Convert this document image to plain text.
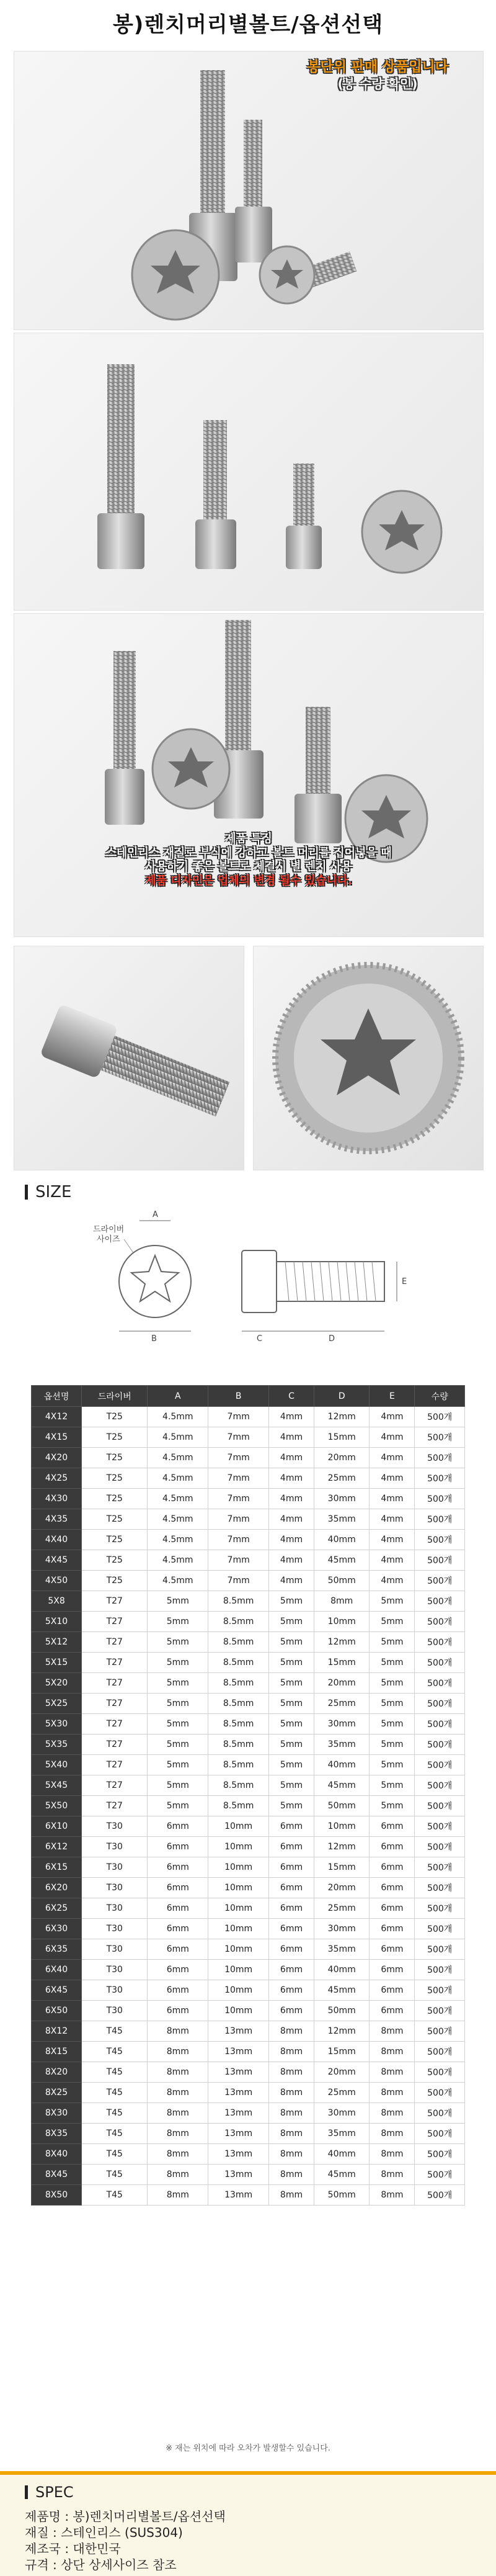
봉)렌치머리별볼트/옵션선택
봉단위 판매 상품입니다
(봉 수량 확인)
제품 특징
스테인리스 재질로 부식에 강하고 볼트 머리를 집어넣을 때
사용하기 좋은 볼트로 체결시 별 렌치 사용
제품 디자인은 업체의 변경 될수 있습니다.
SIZE
드라이버
사이즈
A
B
E
C	D
옵션명	드라이버	A	B	C	D	E	수량
4X12	T25	4.5mm	7mm	4mm	12mm	4mm	500개
4X15	T25	4.5mm	7mm	4mm	15mm	4mm	500개
4X20	T25	4.5mm	7mm	4mm	20mm	4mm	500개
4X25	T25	4.5mm	7mm	4mm	25mm	4mm	500개
4X30	T25	4.5mm	7mm	4mm	30mm	4mm	500개
4X35	T25	4.5mm	7mm	4mm	35mm	4mm	500개
4X40	T25	4.5mm	7mm	4mm	40mm	4mm	500개
4X45	T25	4.5mm	7mm	4mm	45mm	4mm	500개
4X50	T25	4.5mm	7mm	4mm	50mm	4mm	500개
5X8	T27	5mm	8.5mm	5mm	8mm	5mm	500개
5X10	T27	5mm	8.5mm	5mm	10mm	5mm	500개
5X12	T27	5mm	8.5mm	5mm	12mm	5mm	500개
5X15	T27	5mm	8.5mm	5mm	15mm	5mm	500개
5X20	T27	5mm	8.5mm	5mm	20mm	5mm	500개
5X25	T27	5mm	8.5mm	5mm	25mm	5mm	500개
5X30	T27	5mm	8.5mm	5mm	30mm	5mm	500개
5X35	T27	5mm	8.5mm	5mm	35mm	5mm	500개
5X40	T27	5mm	8.5mm	5mm	40mm	5mm	500개
5X45	T27	5mm	8.5mm	5mm	45mm	5mm	500개
5X50	T27	5mm	8.5mm	5mm	50mm	5mm	500개
6X10	T30	6mm	10mm	6mm	10mm	6mm	500개
6X12	T30	6mm	10mm	6mm	12mm	6mm	500개
6X15	T30	6mm	10mm	6mm	15mm	6mm	500개
6X20	T30	6mm	10mm	6mm	20mm	6mm	500개
6X25	T30	6mm	10mm	6mm	25mm	6mm	500개
6X30	T30	6mm	10mm	6mm	30mm	6mm	500개
6X35	T30	6mm	10mm	6mm	35mm	6mm	500개
6X40	T30	6mm	10mm	6mm	40mm	6mm	500개
6X45	T30	6mm	10mm	6mm	45mm	6mm	500개
6X50	T30	6mm	10mm	6mm	50mm	6mm	500개
8X12	T45	8mm	13mm	8mm	12mm	8mm	500개
8X15	T45	8mm	13mm	8mm	15mm	8mm	500개
8X20	T45	8mm	13mm	8mm	20mm	8mm	500개
8X25	T45	8mm	13mm	8mm	25mm	8mm	500개
8X30	T45	8mm	13mm	8mm	30mm	8mm	500개
8X35	T45	8mm	13mm	8mm	35mm	8mm	500개
8X40	T45	8mm	13mm	8mm	40mm	8mm	500개
8X45	T45	8mm	13mm	8mm	45mm	8mm	500개
8X50	T45	8mm	13mm	8mm	50mm	8mm	500개
※ 재는 위치에 따라 오차가 발생할수 있습니다.
SPEC
제품명 : 봉)렌치머리별볼트/옵션선택
재질 : 스테인리스 (SUS304)
제조국 : 대한민국
규격 : 상단 상세사이즈 참조
